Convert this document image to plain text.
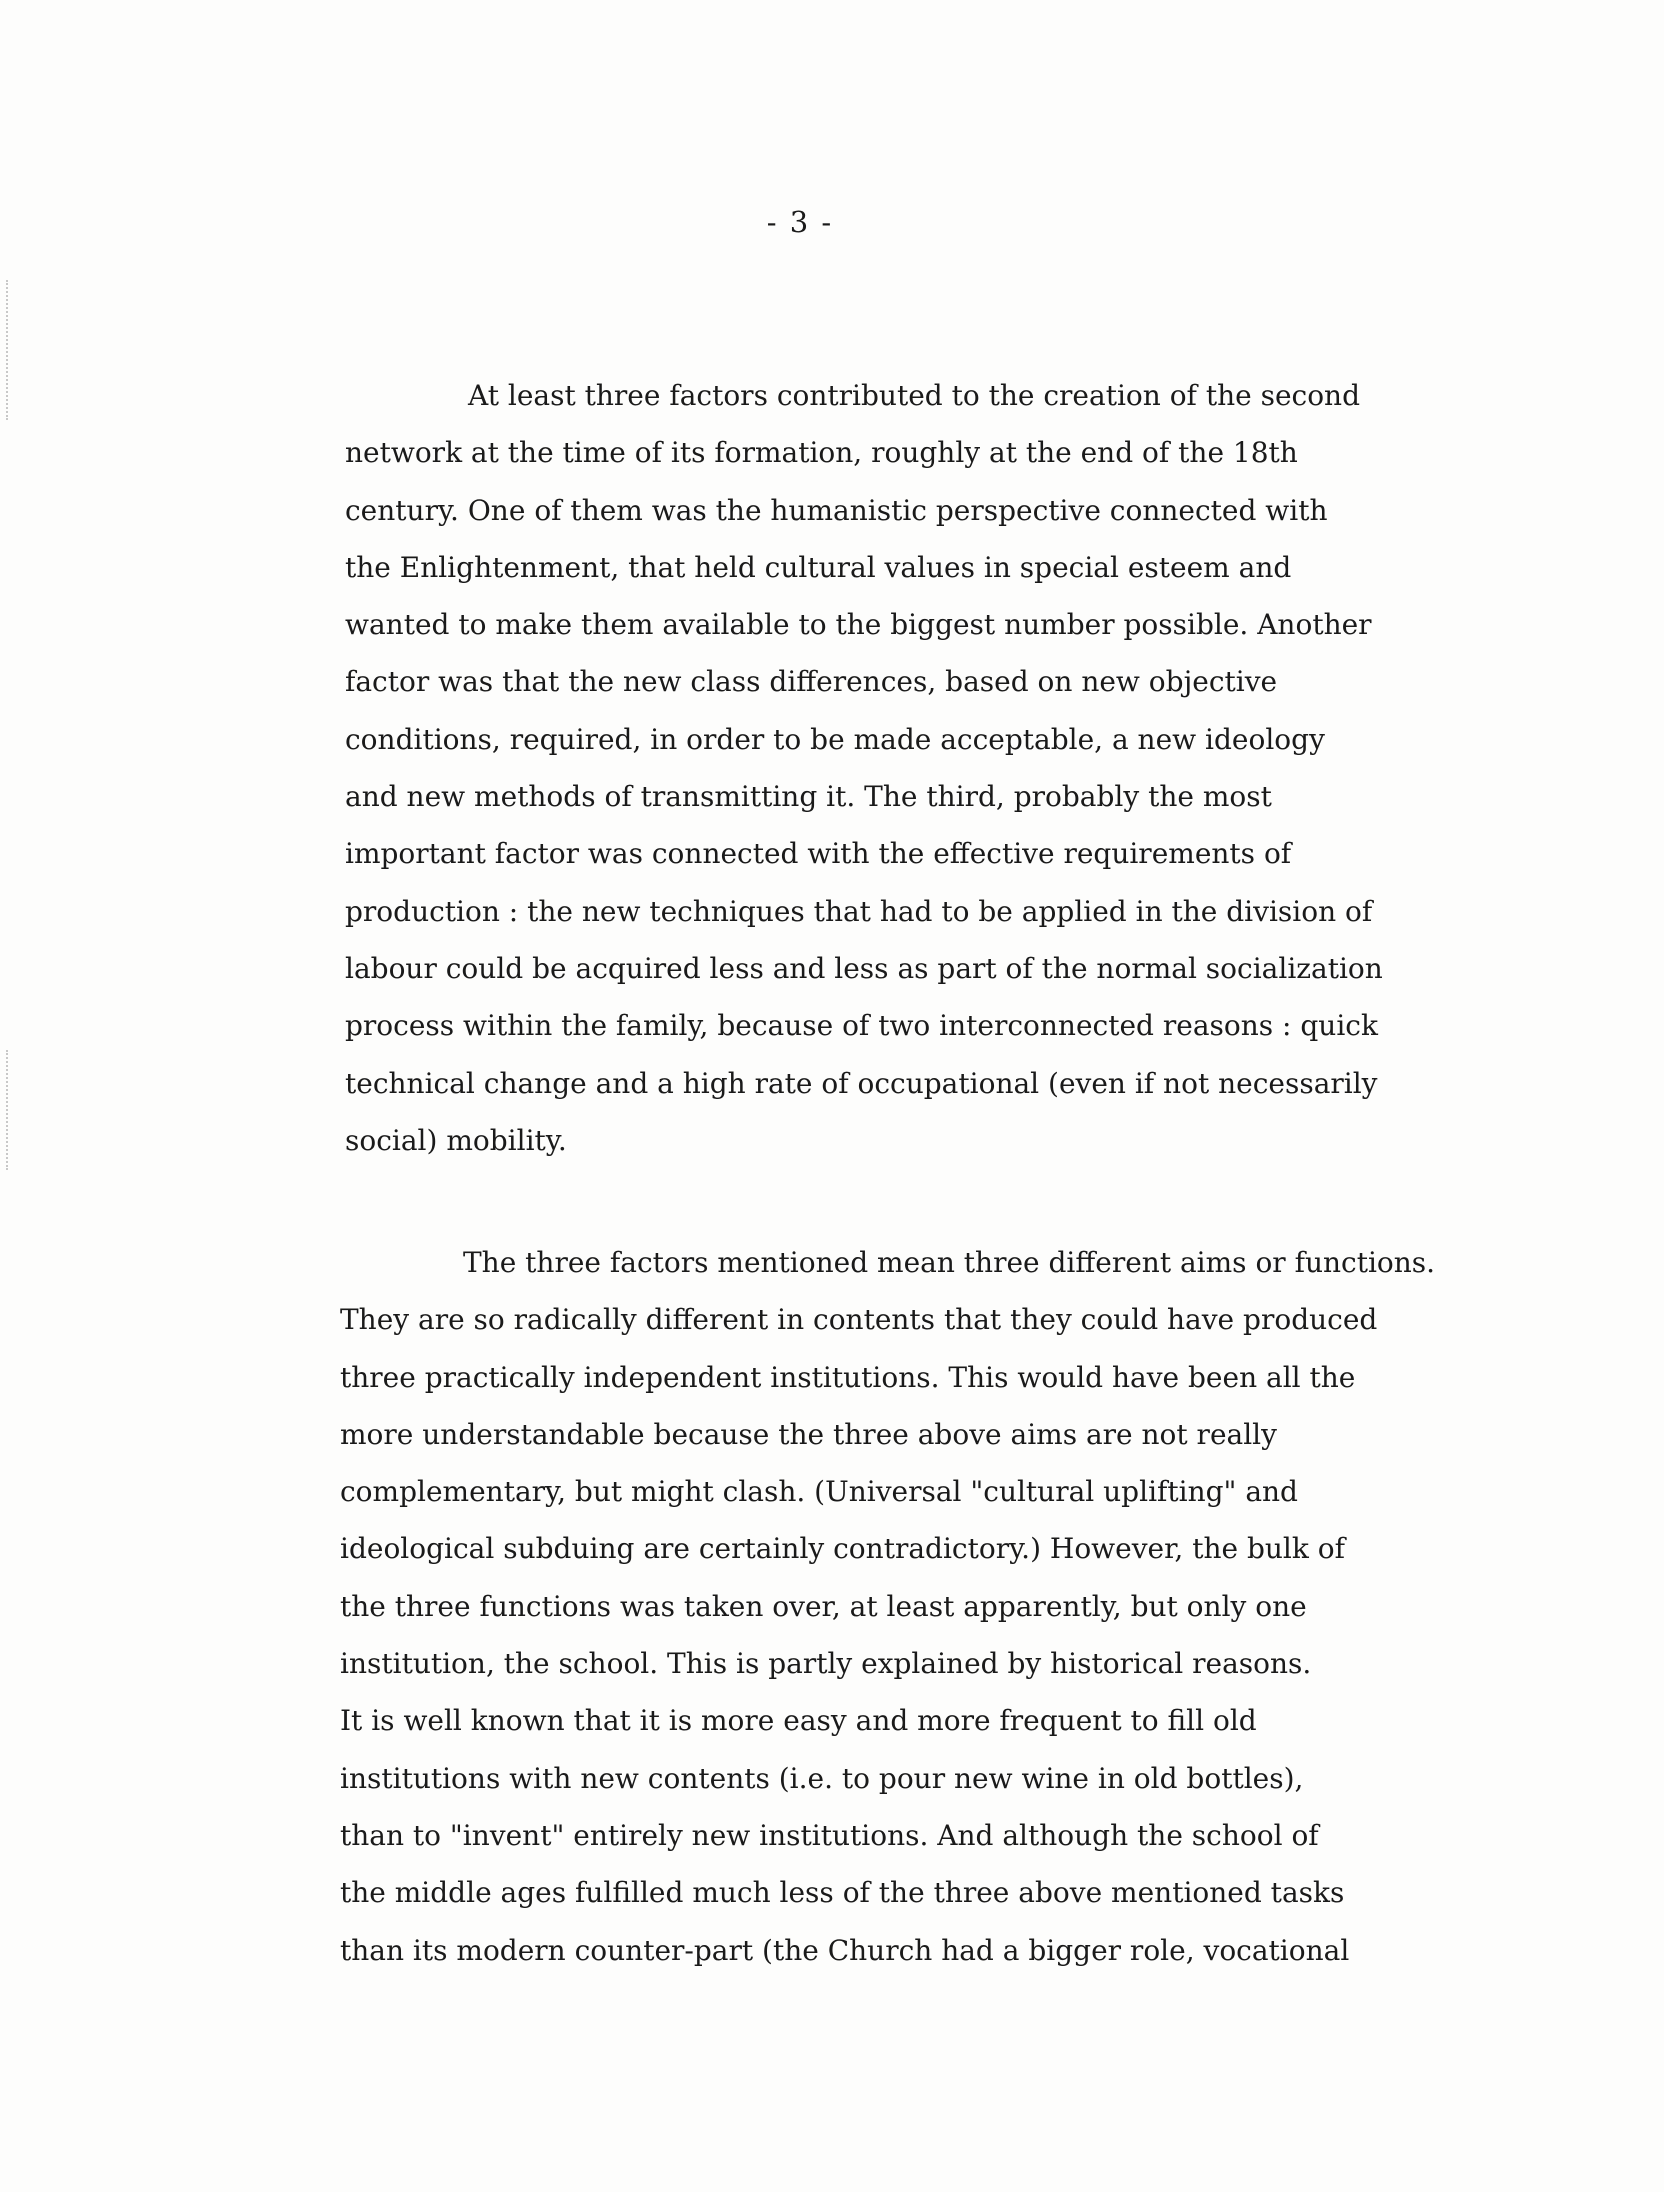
- 3 -

At least three factors contributed to the creation of the second
network at the time of its formation, roughly at the end of the 18th
century. One of them was the humanistic perspective connected with
the Enlightenment, that held cultural values in special esteem and
wanted to make them available to the biggest number possible. Another
factor was that the new class differences, based on new objective
conditions, required, in order to be made acceptable, a new ideology
and new methods of transmitting it. The third, probably the most
important factor was connected with the effective requirements of
production : the new techniques that had to be applied in the division of
labour could be acquired less and less as part of the normal socialization
process within the family, because of two interconnected reasons : quick
technical change and a high rate of occupational (even if not necessarily
social) mobility.

The three factors mentioned mean three different aims or functions.
They are so radically different in contents that they could have produced
three practically independent institutions. This would have been all the
more understandable because the three above aims are not really
complementary, but might clash. (Universal "cultural uplifting" and
ideological subduing are certainly contradictory.) However, the bulk of
the three functions was taken over, at least apparently, but only one
institution, the school. This is partly explained by historical reasons.
It is well known that it is more easy and more frequent to fill old
institutions with new contents (i.e. to pour new wine in old bottles),
than to "invent" entirely new institutions. And although the school of
the middle ages fulfilled much less of the three above mentioned tasks
than its modern counter-part (the Church had a bigger role, vocational
